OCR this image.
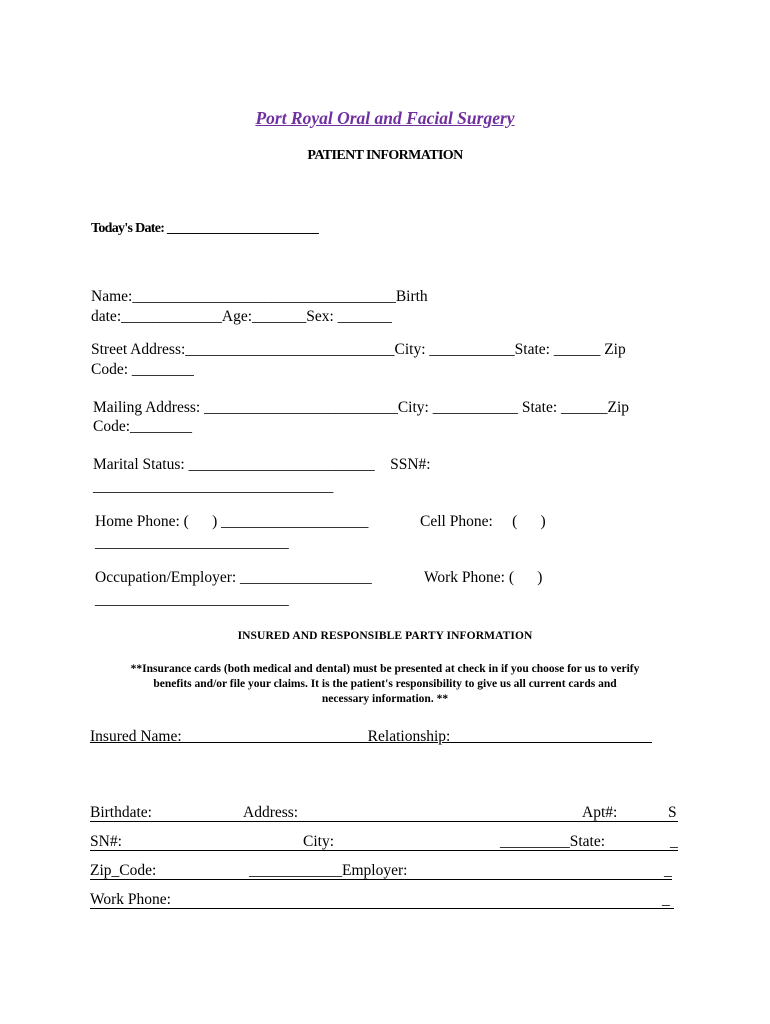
Port Royal Oral and Facial Surgery
PATIENT INFORMATION
Today's Date: ________________________
Name:__________________________________Birth
date:_____________Age:_______Sex: _______
Street Address:___________________________City: ___________State: ______ Zip
Code: ________
Mailing Address: _________________________City: ___________ State: ______Zip
Code:________
Marital Status: ________________________    SSN#:
_______________________________
Home Phone: (      ) ___________________	Cell Phone:     (      )
_________________________
Occupation/Employer: _________________	Work Phone: (      )
_________________________
INSURED AND RESPONSIBLE PARTY INFORMATION
**Insurance cards (both medical and dental) must be presented at check in if you choose for us to verify
benefits and/or file your claims. It is the patient's responsibility to give us all current cards and
necessary information. **
Insured Name:                              _________Relationship:                              ___________
Birthdate:	Address:	Apt#:	S
SN#:	City:	_________State:	_
Zip_Code:	____________Employer:	_
Work Phone:	_
